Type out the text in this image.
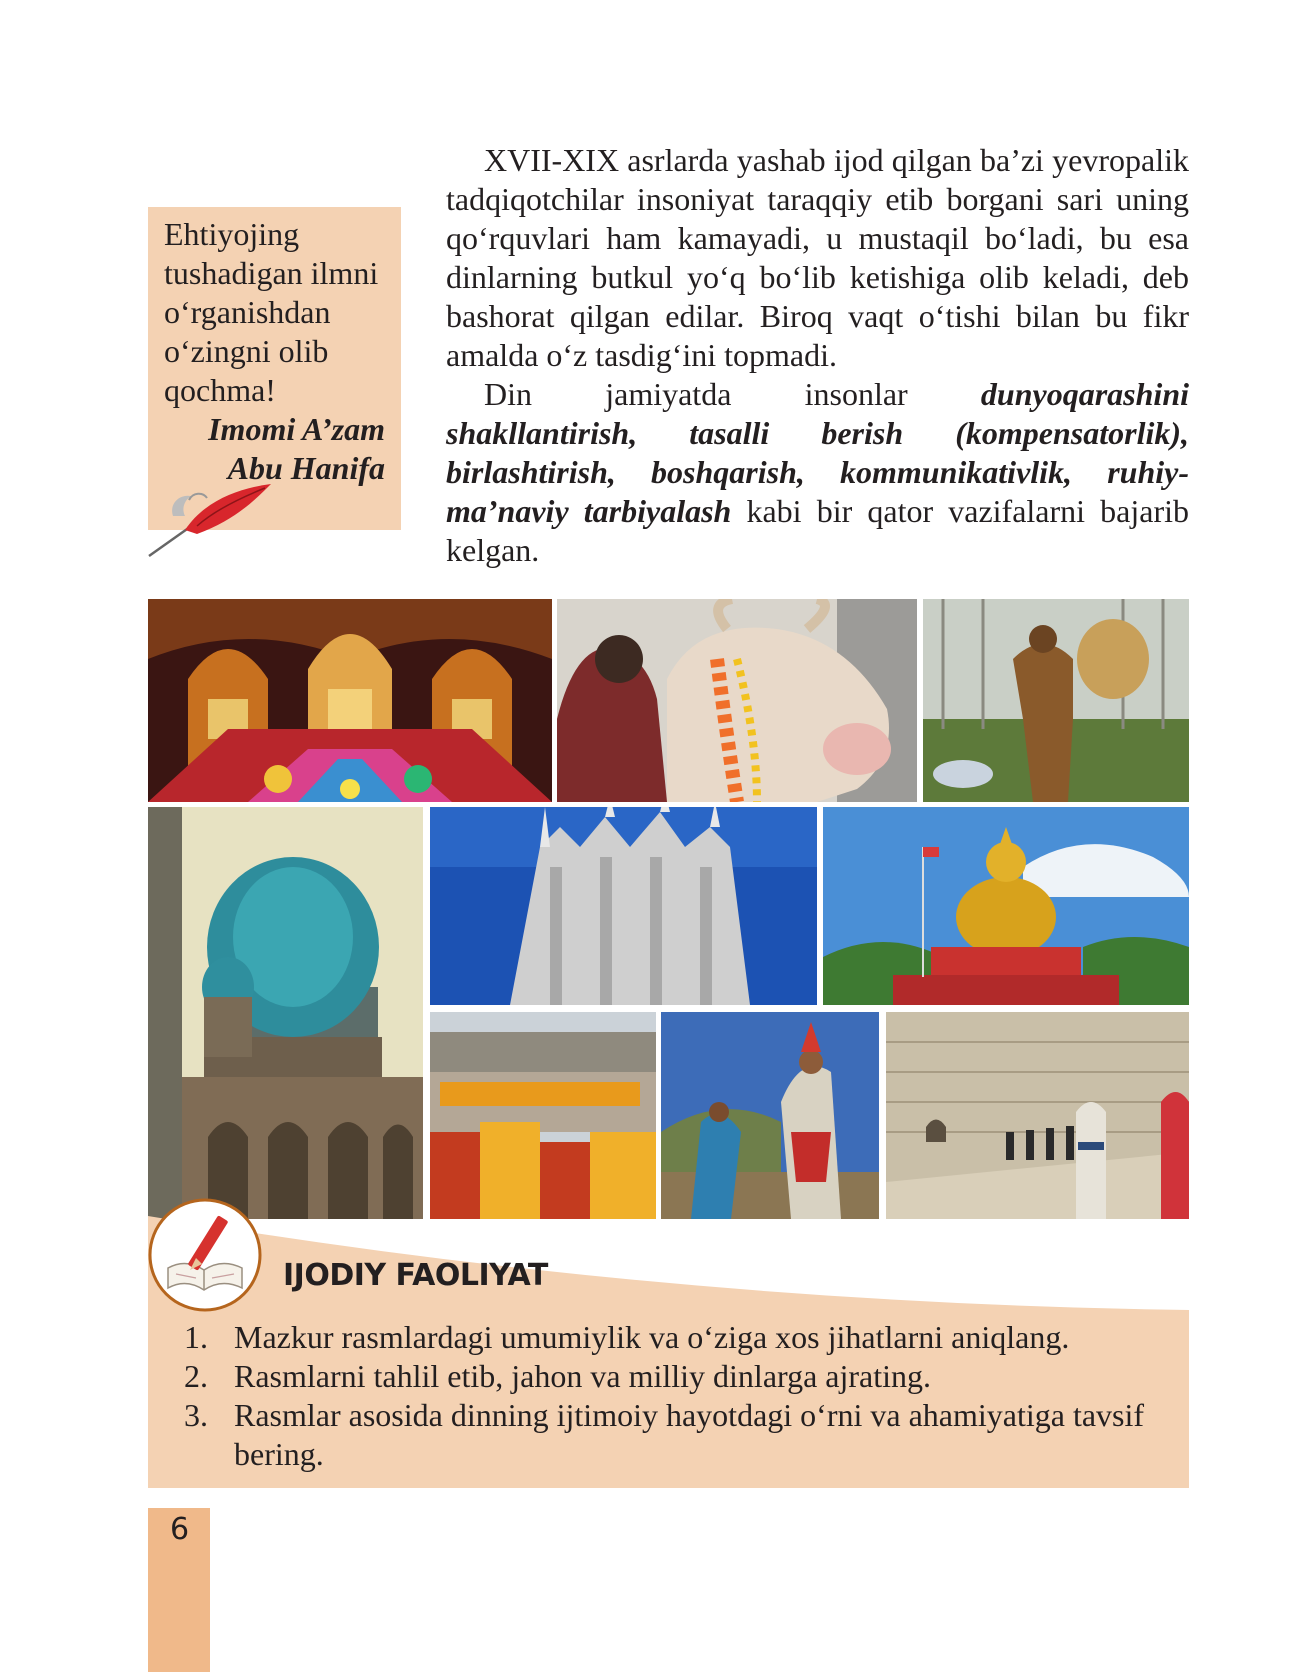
Ehtiyojing

tushadigan ilmni

o‘rganishdan

o‘zingni olib

qochma!

Imomi A’zam

Abu Hanifa

XVII-XIX asrlarda yashab ijod qilgan ba’zi yevropalik tadqiqotchilar insoniyat taraqqiy etib borgani sari uning qo‘rquvlari ham kamayadi, u mustaqil bo‘ladi, bu esa dinlarning butkul yo‘q bo‘lib ketishiga olib keladi, deb bashorat qilgan edilar. Biroq vaqt o‘tishi bilan bu fikr amalda o‘z tasdig‘ini topmadi.

Din jamiyatda insonlar dunyoqarashini shakllantirish, tasalli berish (kompensatorlik), birlashtirish, boshqarish, kommunikativlik, ruhiy-ma’naviy tarbiyalash kabi bir qator vazifalarni bajarib kelgan.

IJODIY FAOLIYAT
1. Mazkur rasmlardagi umumiylik va o‘ziga xos jihatlarni aniqlang.
2. Rasmlarni tahlil etib, jahon va milliy dinlarga ajrating.
3. Rasmlar asosida dinning ijtimoiy hayotdagi o‘rni va ahamiyatiga tavsif bering.
6
